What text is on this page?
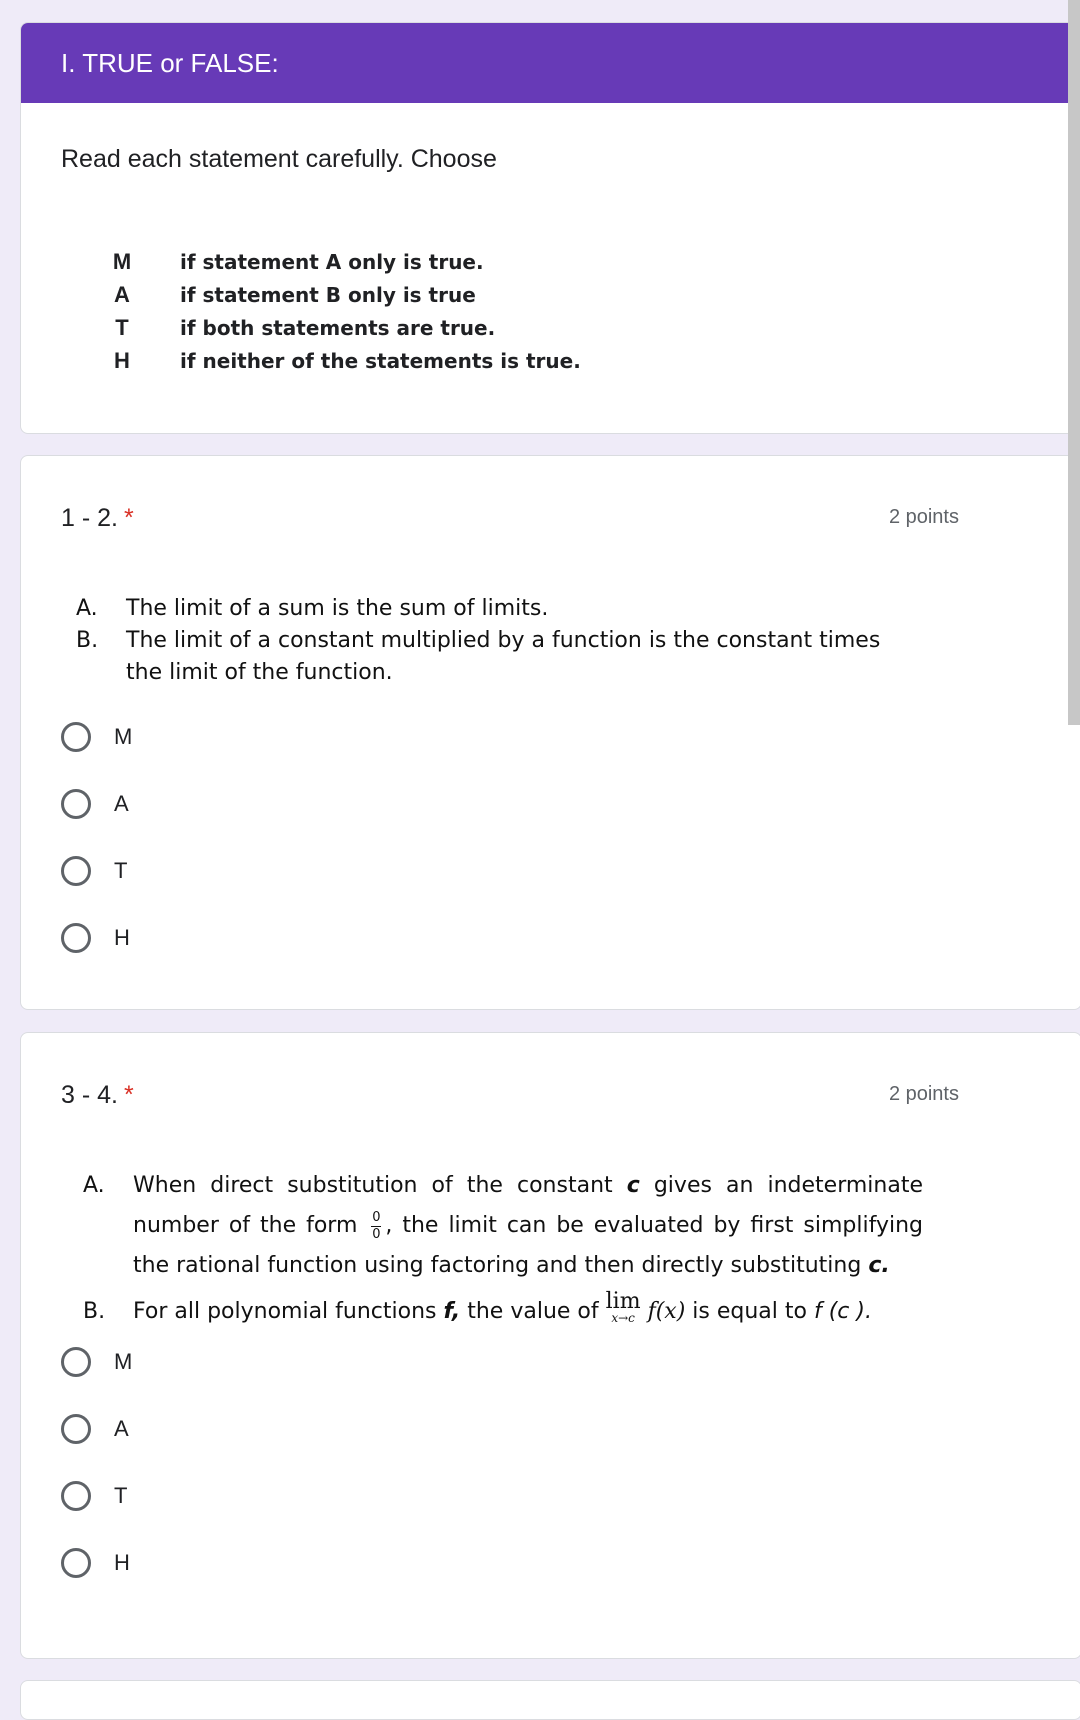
I. TRUE or FALSE:
Read each statement carefully. Choose
M	if statement A only is true.
A	if statement B only is true
T	if both statements are true.
H	if neither of the statements is true.
1 - 2. *	2 points
A.	The limit of a sum is the sum of limits.
B.	The limit of a constant multiplied by a function is the constant times the limit of the function.
M
A
T
H
3 - 4. *	2 points
A.	When direct substitution of the constant c gives an indeterminate number of the form $\frac{0}{0}$ , the limit can be evaluated by first simplifying the rational function using factoring and then directly substituting c.
B.	For all polynomial functions f, the value of lim
x→c f(x) is equal to f (c ).
M
A
T
H
